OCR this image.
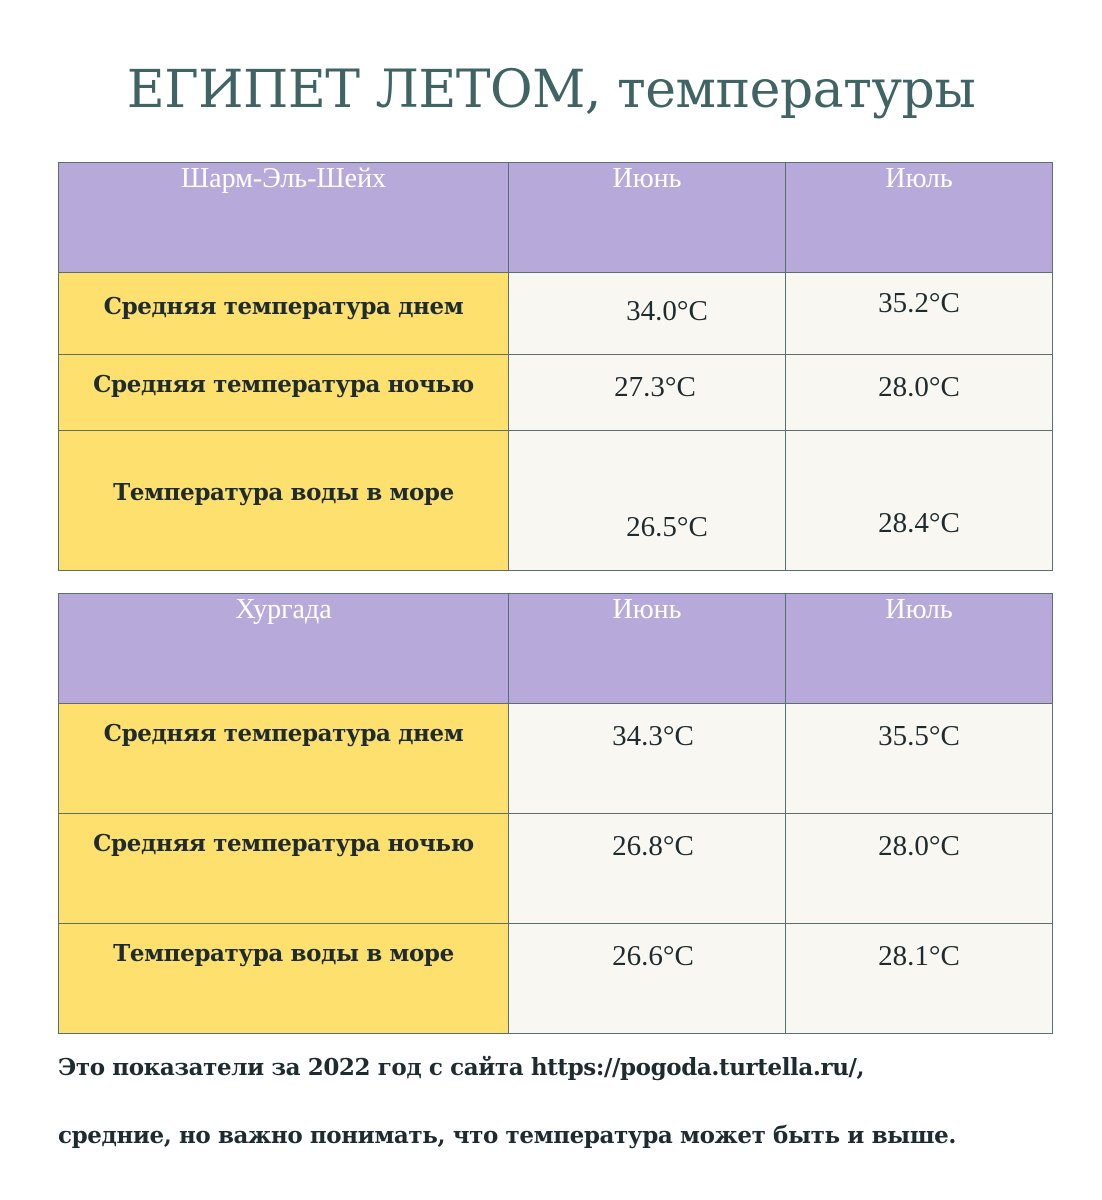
ЕГИПЕТ ЛЕТОМ, температуры
Шарм-Эль-Шейх	Июнь	Июль
Средняя температура днем	34.0°C	35.2°C
Средняя температура ночью	27.3°C	28.0°C
Температура воды в море	26.5°C	28.4°C
Хургада	Июнь	Июль
Средняя температура днем	34.3°C	35.5°C
Средняя температура ночью	26.8°C	28.0°C
Температура воды в море	26.6°C	28.1°C
Это показатели за 2022 год с сайта https://pogoda.turtella.ru/,
средние, но важно понимать, что температура может быть и выше.
